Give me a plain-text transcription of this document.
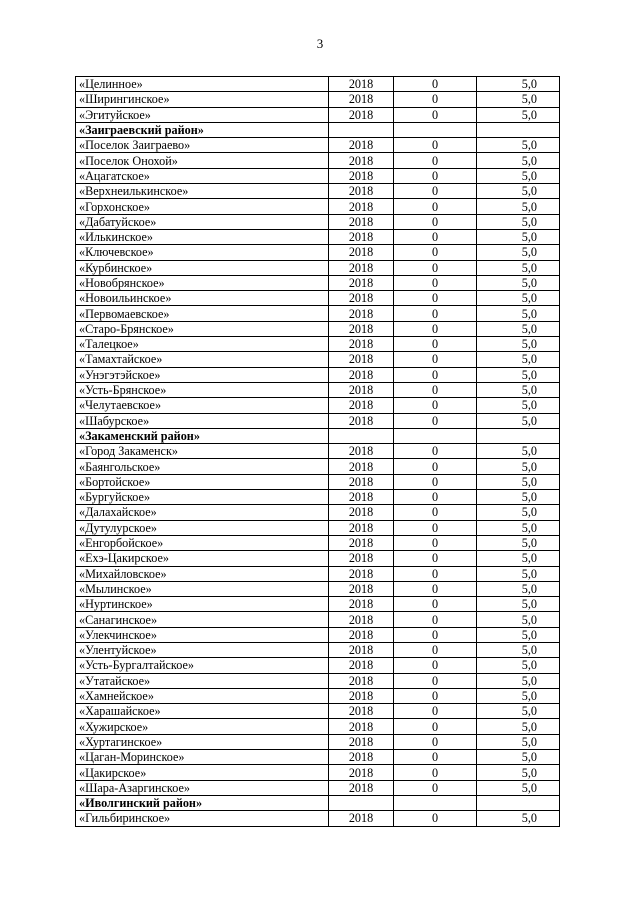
3
«Целинное»	2018	0	5,0
«Ширингинское»	2018	0	5,0
«Эгитуйское»	2018	0	5,0
«Заиграевский район»			
«Поселок Заиграево»	2018	0	5,0
«Поселок Онохой»	2018	0	5,0
«Ацагатское»	2018	0	5,0
«Верхнеилькинское»	2018	0	5,0
«Горхонское»	2018	0	5,0
«Дабатуйское»	2018	0	5,0
«Илькинское»	2018	0	5,0
«Ключевское»	2018	0	5,0
«Курбинское»	2018	0	5,0
«Новобрянское»	2018	0	5,0
«Новоильинское»	2018	0	5,0
«Первомаевское»	2018	0	5,0
«Старо-Брянское»	2018	0	5,0
«Талецкое»	2018	0	5,0
«Тамахтайское»	2018	0	5,0
«Унэгэтэйское»	2018	0	5,0
«Усть-Брянское»	2018	0	5,0
«Челутаевское»	2018	0	5,0
«Шабурское»	2018	0	5,0
«Закаменский район»			
«Город Закаменск»	2018	0	5,0
«Баянгольское»	2018	0	5,0
«Бортойское»	2018	0	5,0
«Бургуйское»	2018	0	5,0
«Далахайское»	2018	0	5,0
«Дутулурское»	2018	0	5,0
«Енгорбойское»	2018	0	5,0
«Ехэ-Цакирское»	2018	0	5,0
«Михайловское»	2018	0	5,0
«Мылинское»	2018	0	5,0
«Нуртинское»	2018	0	5,0
«Санагинское»	2018	0	5,0
«Улекчинское»	2018	0	5,0
«Улентуйское»	2018	0	5,0
«Усть-Бургалтайское»	2018	0	5,0
«Утатайское»	2018	0	5,0
«Хамнейское»	2018	0	5,0
«Харашайское»	2018	0	5,0
«Хужирское»	2018	0	5,0
«Хуртагинское»	2018	0	5,0
«Цаган-Моринское»	2018	0	5,0
«Цакирское»	2018	0	5,0
«Шара-Азаргинское»	2018	0	5,0
«Иволгинский район»			
«Гильбиринское»	2018	0	5,0
